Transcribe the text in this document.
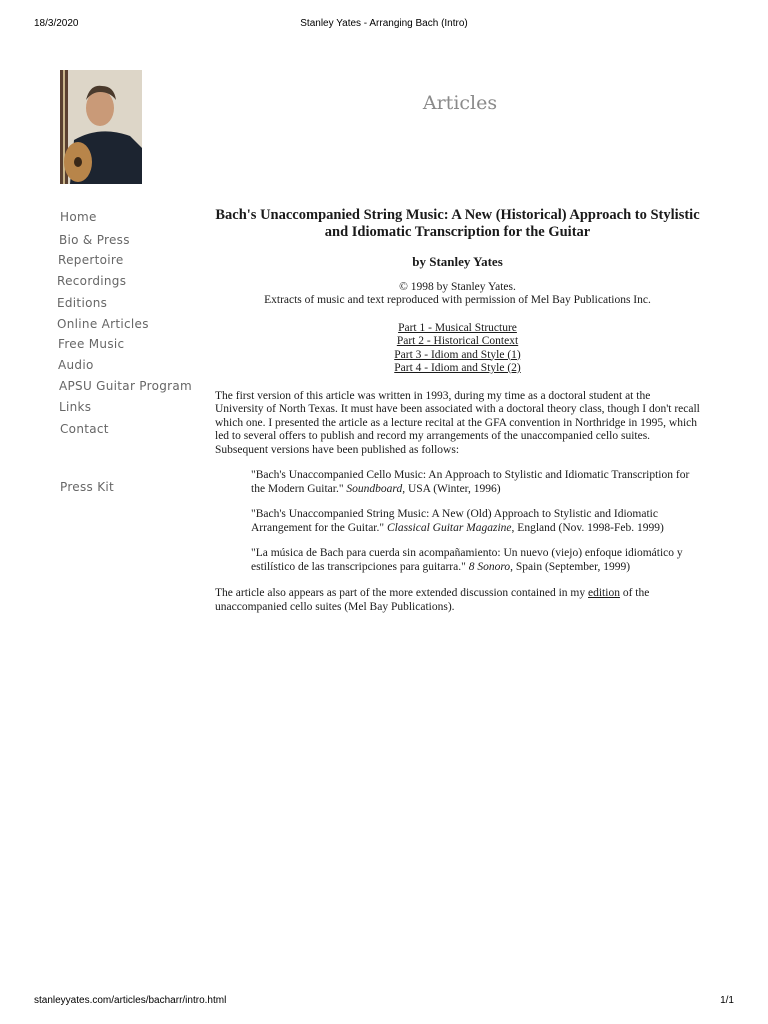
18/3/2020	Stanley Yates - Arranging Bach (Intro)
Articles
Home
Bio & Press
Repertoire
Recordings
Editions
Online Articles
Free Music
Audio
APSU Guitar Program
Links
Contact
Press Kit
Bach's Unaccompanied String Music: A New (Historical) Approach to Stylistic and Idiomatic Transcription for the Guitar
by Stanley Yates
© 1998 by Stanley Yates.
Extracts of music and text reproduced with permission of Mel Bay Publications Inc.
Part 1 - Musical Structure
Part 2 - Historical Context
Part 3 - Idiom and Style (1)
Part 4 - Idiom and Style (2)

The first version of this article was written in 1993, during my time as a doctoral student at the University of North Texas. It must have been associated with a doctoral theory class, though I don't recall which one. I presented the article as a lecture recital at the GFA convention in Northridge in 1995, which led to several offers to publish and record my arrangements of the unaccompanied cello suites. Subsequent versions have been published as follows:

"Bach's Unaccompanied Cello Music: An Approach to Stylistic and Idiomatic Transcription for the Modern Guitar." Soundboard, USA (Winter, 1996)
"Bach's Unaccompanied String Music: A New (Old) Approach to Stylistic and Idiomatic Arrangement for the Guitar." Classical Guitar Magazine, England (Nov. 1998-Feb. 1999)
"La música de Bach para cuerda sin acompañamiento: Un nuevo (viejo) enfoque idiomático y estilístico de las transcripciones para guitarra." 8 Sonoro, Spain (September, 1999)

The article also appears as part of the more extended discussion contained in my edition of the unaccompanied cello suites (Mel Bay Publications).

stanleyyates.com/articles/bacharr/intro.html	1/1
